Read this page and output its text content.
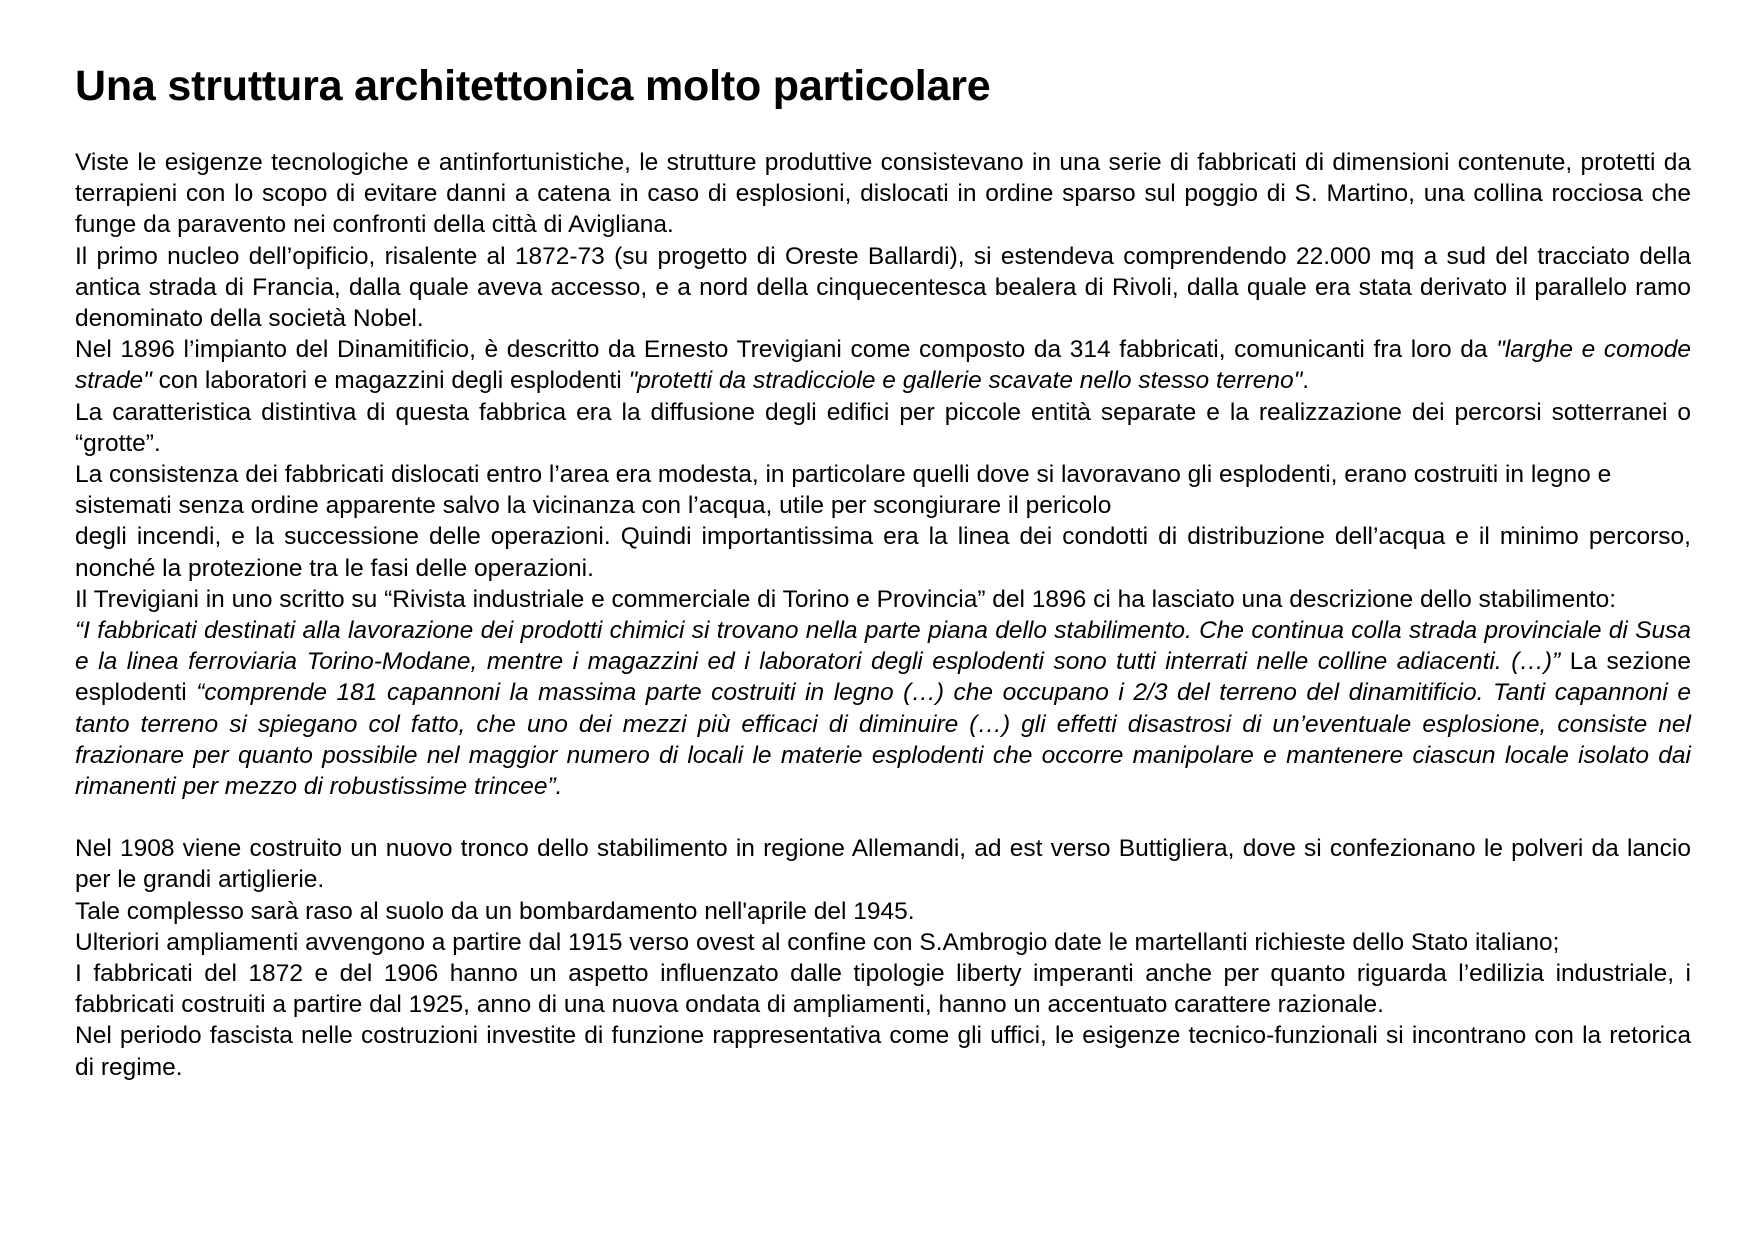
Una struttura architettonica molto particolare

Viste le esigenze tecnologiche e antinfortunistiche, le strutture produttive consistevano in una serie di fabbricati di dimensioni contenute, protetti da terrapieni con lo scopo di evitare danni a catena in caso di esplosioni, dislocati in ordine sparso sul poggio di S. Martino, una collina rocciosa che funge da paravento nei confronti della città di Avigliana.

Il primo nucleo dell’opificio, risalente al 1872-73 (su progetto di Oreste Ballardi), si estendeva comprendendo 22.000 mq a sud del tracciato della antica strada di Francia, dalla quale aveva accesso, e a nord della cinquecentesca bealera di Rivoli, dalla quale era stata derivato il parallelo ramo denominato della società Nobel.

Nel 1896 l’impianto del Dinamitificio, è descritto da Ernesto Trevigiani come composto da 314 fabbricati, comunicanti fra loro da "larghe e comode strade" con laboratori e magazzini degli esplodenti "protetti da stradicciole e gallerie scavate nello stesso terreno".

La caratteristica distintiva di questa fabbrica era la diffusione degli edifici per piccole entità separate e la realizzazione dei percorsi sotterranei o “grotte”.

La consistenza dei fabbricati dislocati entro l’area era modesta, in particolare quelli dove si lavoravano gli esplodenti, erano costruiti in legno e sistemati senza ordine apparente salvo la vicinanza con l’acqua, utile per scongiurare il pericolo

degli incendi, e la successione delle operazioni. Quindi importantissima era la linea dei condotti di distribuzione dell’acqua e il minimo percorso, nonché la protezione tra le fasi delle operazioni.

Il Trevigiani in uno scritto su “Rivista industriale e commerciale di Torino e Provincia” del 1896 ci ha lasciato una descrizione dello stabilimento:

“I fabbricati destinati alla lavorazione dei prodotti chimici si trovano nella parte piana dello stabilimento. Che continua colla strada provinciale di Susa e la linea ferroviaria Torino-Modane, mentre i magazzini ed i laboratori degli esplodenti sono tutti interrati nelle colline adiacenti. (…)” La sezione esplodenti “comprende 181 capannoni la massima parte costruiti in legno (…) che occupano i 2/3 del terreno del dinamitificio. Tanti capannoni e tanto terreno si spiegano col fatto, che uno dei mezzi più efficaci di diminuire (…) gli effetti disastrosi di un’eventuale esplosione, consiste nel frazionare per quanto possibile nel maggior numero di locali le materie esplodenti che occorre manipolare e mantenere ciascun locale isolato dai rimanenti per mezzo di robustissime trincee”.

Nel 1908 viene costruito un nuovo tronco dello stabilimento in regione Allemandi, ad est verso Buttigliera, dove si confezionano le polveri da lancio per le grandi artiglierie.

Tale complesso sarà raso al suolo da un bombardamento nell'aprile del 1945.

Ulteriori ampliamenti avvengono a partire dal 1915 verso ovest al confine con S.Ambrogio date le martellanti richieste dello Stato italiano;

I fabbricati del 1872 e del 1906 hanno un aspetto influenzato dalle tipologie liberty imperanti anche per quanto riguarda l’edilizia industriale, i fabbricati costruiti a partire dal 1925, anno di una nuova ondata di ampliamenti, hanno un accentuato carattere razionale.

Nel periodo fascista nelle costruzioni investite di funzione rappresentativa come gli uffici, le esigenze tecnico-funzionali si incontrano con la retorica di regime.
